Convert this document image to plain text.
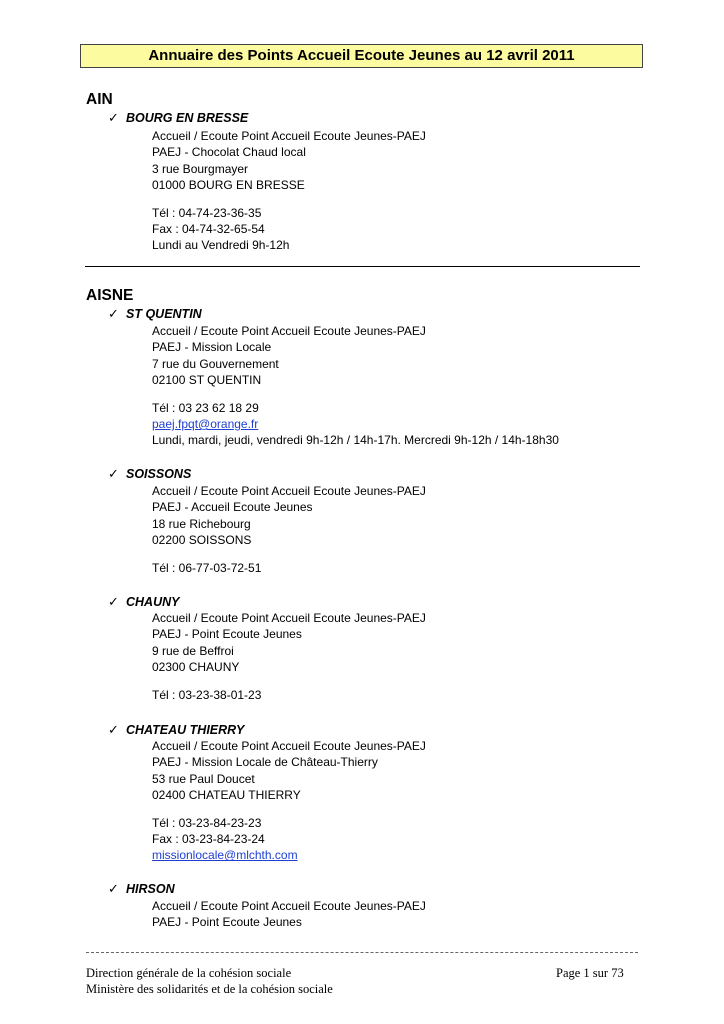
Annuaire des Points Accueil Ecoute Jeunes au 12 avril 2011
AIN
✓ BOURG EN BRESSE
Accueil / Ecoute Point Accueil Ecoute Jeunes-PAEJ
PAEJ - Chocolat Chaud local
3 rue Bourgmayer
01000 BOURG EN BRESSE
Tél : 04-74-23-36-35
Fax : 04-74-32-65-54
Lundi au Vendredi 9h-12h
AISNE
✓ ST QUENTIN
Accueil / Ecoute Point Accueil Ecoute Jeunes-PAEJ
PAEJ - Mission Locale
7 rue du Gouvernement
02100 ST QUENTIN
Tél : 03 23 62 18 29
paej.fpqt@orange.fr
Lundi, mardi, jeudi, vendredi 9h-12h / 14h-17h. Mercredi 9h-12h / 14h-18h30
✓ SOISSONS
Accueil / Ecoute Point Accueil Ecoute Jeunes-PAEJ
PAEJ - Accueil Ecoute Jeunes
18 rue Richebourg
02200 SOISSONS
Tél : 06-77-03-72-51
✓ CHAUNY
Accueil / Ecoute Point Accueil Ecoute Jeunes-PAEJ
PAEJ - Point Ecoute Jeunes
9 rue de Beffroi
02300 CHAUNY
Tél : 03-23-38-01-23
✓ CHATEAU THIERRY
Accueil / Ecoute Point Accueil Ecoute Jeunes-PAEJ
PAEJ - Mission Locale de Château-Thierry
53 rue Paul Doucet
02400 CHATEAU THIERRY
Tél : 03-23-84-23-23
Fax : 03-23-84-23-24
missionlocale@mlchth.com
✓ HIRSON
Accueil / Ecoute Point Accueil Ecoute Jeunes-PAEJ
PAEJ - Point Ecoute Jeunes
Direction générale de la cohésion sociale
Ministère des solidarités et de la cohésion sociale
Page 1 sur 73
